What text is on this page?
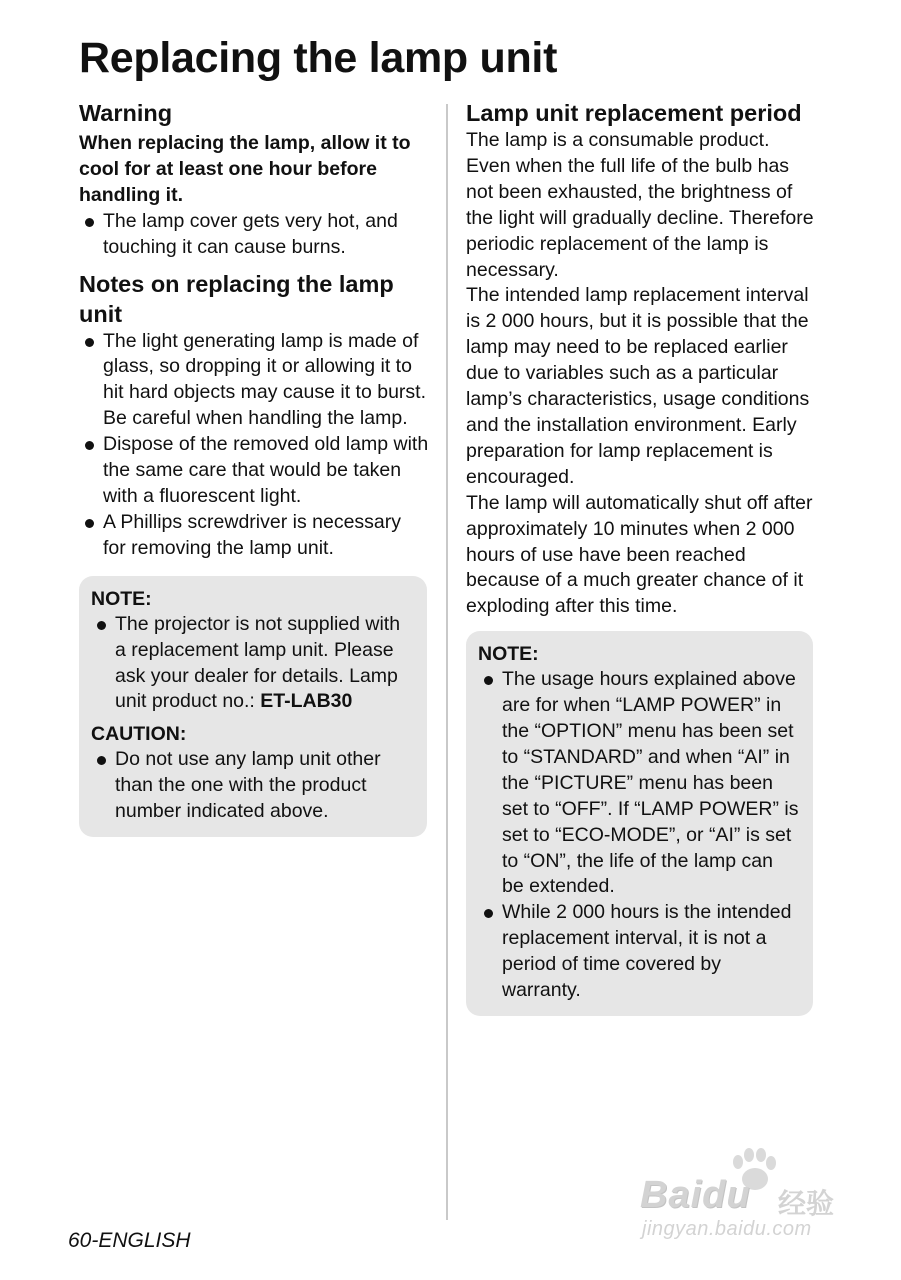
Replacing the lamp unit
Warning

When replacing the lamp, allow it to cool for at least one hour before handling it.

The lamp cover gets very hot, and touching it can cause burns.
Notes on replacing the lamp unit
The light generating lamp is made of glass, so dropping it or allowing it to hit hard objects may cause it to burst. Be careful when handling the lamp.
Dispose of the removed old lamp with the same care that would be taken with a fluorescent light.
A Phillips screwdriver is necessary for removing the lamp unit.
NOTE:
The projector is not supplied with a replacement lamp unit. Please ask your dealer for details. Lamp unit product no.: ET-LAB30
CAUTION:
Do not use any lamp unit other than the one with the product number indicated above.
Lamp unit replacement period

The lamp is a consumable product. Even when the full life of the bulb has not been exhausted, the brightness of the light will gradually decline. Therefore periodic replacement of the lamp is necessary.

The intended lamp replacement interval is 2 000 hours, but it is possible that the lamp may need to be replaced earlier due to variables such as a particular lamp’s characteristics, usage conditions and the installation environment. Early preparation for lamp replacement is encouraged.

The lamp will automatically shut off after approximately 10 minutes when 2 000 hours of use have been reached because of a much greater chance of it exploding after this time.

NOTE:
The usage hours explained above are for when “LAMP POWER” in the “OPTION” menu has been set to “STANDARD” and when “AI” in the “PICTURE” menu has been set to “OFF”. If “LAMP POWER” is set to “ECO-MODE”, or “AI” is set to “ON”, the life of the lamp can be extended.
While 2 000 hours is the intended replacement interval, it is not a period of time covered by warranty.
60-ENGLISH
Baidu 经验
jingyan.baidu.com
